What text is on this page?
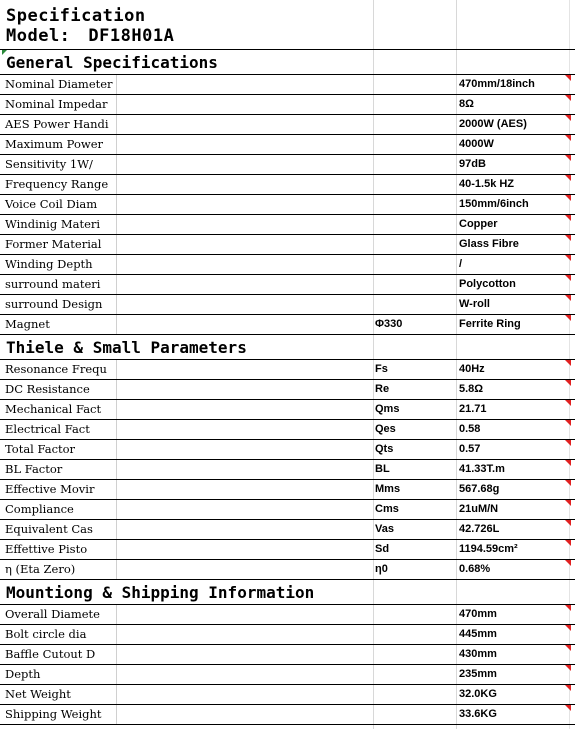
Specification
Model: DF18H01A
General Specifications
Nominal Diameter	470mm/18inch
Nominal Impedar	8Ω
AES Power Handi	2000W (AES)
Maximum Power	4000W
Sensitivity 1W/	97dB
Frequency Range	40-1.5k HZ
Voice Coil Diam	150mm/6inch
Windinig Materi	Copper
Former Material	Glass Fibre
Winding Depth	/
surround materi	Polycotton
surround Design	W-roll
Magnet	Φ330	Ferrite Ring
Thiele & Small Parameters
Resonance Frequ	Fs	40Hz
DC Resistance	Re	5.8Ω
Mechanical Fact	Qms	21.71
Electrical Fact	Qes	0.58
Total Factor	Qts	0.57
BL Factor	BL	41.33T.m
Effective Movir	Mms	567.68g
Compliance	Cms	21uM/N
Equivalent Cas	Vas	42.726L
Effettive Pisto	Sd	1194.59cm²
η (Eta Zero)	η0	0.68%
Mountiong & Shipping Information
Overall Diamete	470mm
Bolt circle dia	445mm
Baffle Cutout D	430mm
Depth	235mm
Net Weight	32.0KG
Shipping Weight	33.6KG
